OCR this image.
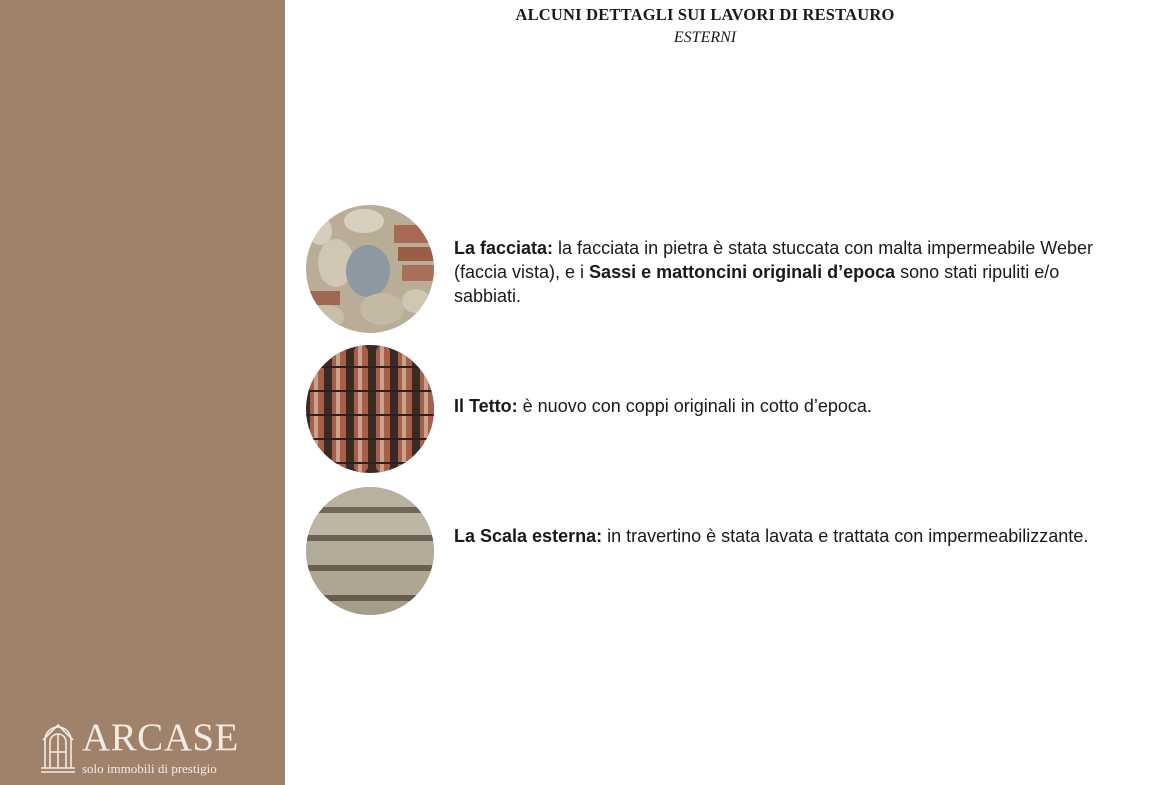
ARCASE
solo immobili di prestigio
ALCUNI DETTAGLI SUI LAVORI DI RESTAURO
ESTERNI
La facciata: la facciata in pietra è stata stuccata con malta impermeabile Weber (faccia vista), e i Sassi e mattoncini originali d’epoca sono stati ripuliti e/o sabbiati.
Il Tetto: è nuovo con coppi originali in cotto d’epoca.
La Scala esterna: in travertino è stata lavata e trattata con impermeabilizzante.
